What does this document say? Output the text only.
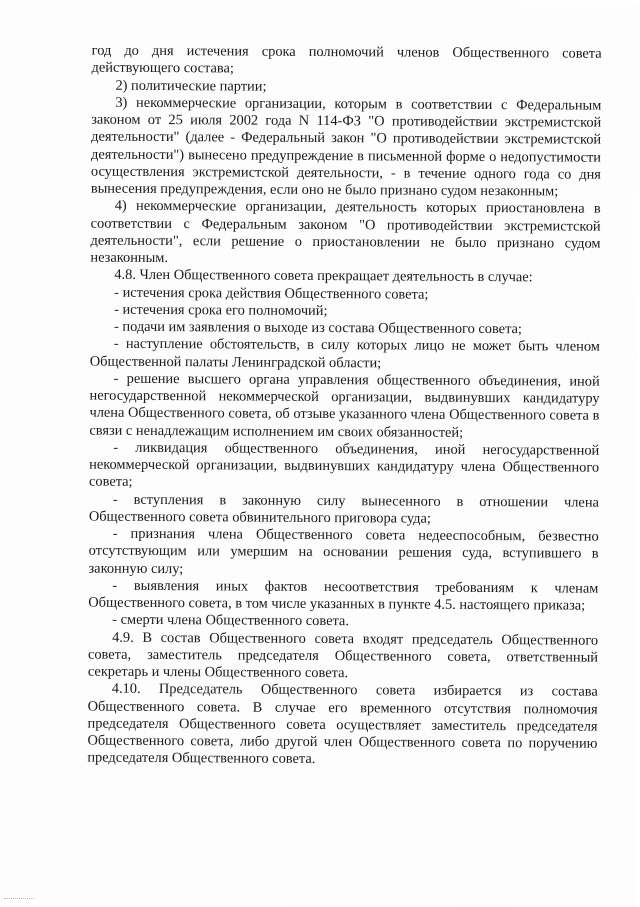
год до дня истечения срока полномочий членов Общественного совета действующего состава;

2) политические партии;

3) некоммерческие организации, которым в соответствии с Федеральным законом от 25 июля 2002 года N 114-ФЗ "О противодействии экстремистской деятельности" (далее - Федеральный закон "О противодействии экстремистской деятельности") вынесено предупреждение в письменной форме о недопустимости осуществления экстремистской деятельности, - в течение одного года со дня вынесения предупреждения, если оно не было признано судом незаконным;

4) некоммерческие организации, деятельность которых приостановлена в соответствии с Федеральным законом "О противодействии экстремистской деятельности", если решение о приостановлении не было признано судом незаконным.

4.8. Член Общественного совета прекращает деятельность в случае:

- истечения срока действия Общественного совета;

- истечения срока его полномочий;

- подачи им заявления о выходе из состава Общественного совета;

- наступление обстоятельств, в силу которых лицо не может быть членом Общественной палаты Ленинградской области;

- решение высшего органа управления общественного объединения, иной негосударственной некоммерческой организации, выдвинувших кандидатуру члена Общественного совета, об отзыве указанного члена Общественного совета в связи с ненадлежащим исполнением им своих обязанностей;

- ликвидация общественного объединения, иной негосударственной некоммерческой организации, выдвинувших кандидатуру члена Общественного совета;

- вступления в законную силу вынесенного в отношении члена Общественного совета обвинительного приговора суда;

- признания члена Общественного совета недееспособным, безвестно отсутствующим или умершим на основании решения суда, вступившего в законную силу;

- выявления иных фактов несоответствия требованиям к членам Общественного совета, в том числе указанных в пункте 4.5. настоящего приказа;

- смерти члена Общественного совета.

4.9. В состав Общественного совета входят председатель Общественного совета, заместитель председателя Общественного совета, ответственный секретарь и члены Общественного совета.

4.10. Председатель Общественного совета избирается из состава Общественного совета. В случае его временного отсутствия полномочия председателя Общественного совета осуществляет заместитель председателя Общественного совета, либо другой член Общественного совета по поручению председателя Общественного совета.
